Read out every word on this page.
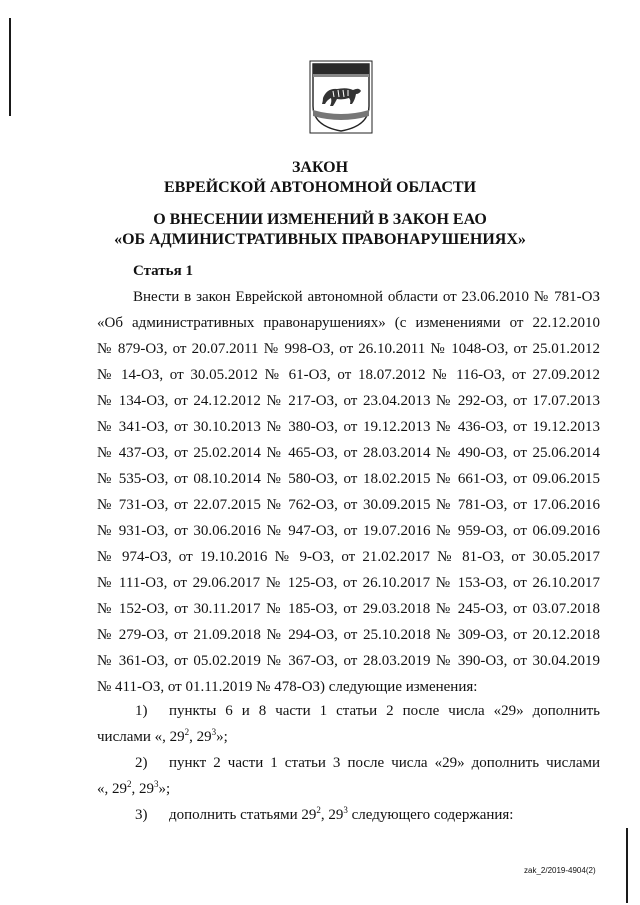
ЗАКОН
ЕВРЕЙСКОЙ АВТОНОМНОЙ ОБЛАСТИ
О ВНЕСЕНИИ ИЗМЕНЕНИЙ В ЗАКОН ЕАО
«ОБ АДМИНИСТРАТИВНЫХ ПРАВОНАРУШЕНИЯХ»
Статья 1
Внести в закон Еврейской автономной области от 23.06.2010 № 781-ОЗ
«Об административных правонарушениях» (с изменениями от 22.12.2010
№ 879-ОЗ, от 20.07.2011 № 998-ОЗ, от 26.10.2011 № 1048-ОЗ, от 25.01.2012
№ 14-ОЗ, от 30.05.2012 № 61-ОЗ, от 18.07.2012 № 116-ОЗ, от 27.09.2012
№ 134-ОЗ, от 24.12.2012 № 217-ОЗ, от 23.04.2013 № 292-ОЗ, от 17.07.2013
№ 341-ОЗ, от 30.10.2013 № 380-ОЗ, от 19.12.2013 № 436-ОЗ, от 19.12.2013
№ 437-ОЗ, от 25.02.2014 № 465-ОЗ, от 28.03.2014 № 490-ОЗ, от 25.06.2014
№ 535-ОЗ, от 08.10.2014 № 580-ОЗ, от 18.02.2015 № 661-ОЗ, от 09.06.2015
№ 731-ОЗ, от 22.07.2015 № 762-ОЗ, от 30.09.2015 № 781-ОЗ, от 17.06.2016
№ 931-ОЗ, от 30.06.2016 № 947-ОЗ, от 19.07.2016 № 959-ОЗ, от 06.09.2016
№ 974-ОЗ, от 19.10.2016 № 9-ОЗ, от 21.02.2017 № 81-ОЗ, от 30.05.2017
№ 111-ОЗ, от 29.06.2017 № 125-ОЗ, от 26.10.2017 № 153-ОЗ, от 26.10.2017
№ 152-ОЗ, от 30.11.2017 № 185-ОЗ, от 29.03.2018 № 245-ОЗ, от 03.07.2018
№ 279-ОЗ, от 21.09.2018 № 294-ОЗ, от 25.10.2018 № 309-ОЗ, от 20.12.2018
№ 361-ОЗ, от 05.02.2019 № 367-ОЗ, от 28.03.2019 № 390-ОЗ, от 30.04.2019
№ 411-ОЗ, от 01.11.2019 № 478-ОЗ) следующие изменения:
1) пункты 6 и 8 части 1 статьи 2 после числа «29» дополнить
числами «, $29^2$, $29^3$»;
2) пункт 2 части 1 статьи 3 после числа «29» дополнить числами
«, $29^2$, $29^3$»;
3) дополнить статьями $29^2$, $29^3$ следующего содержания:
zak_2/2019-4904(2)
